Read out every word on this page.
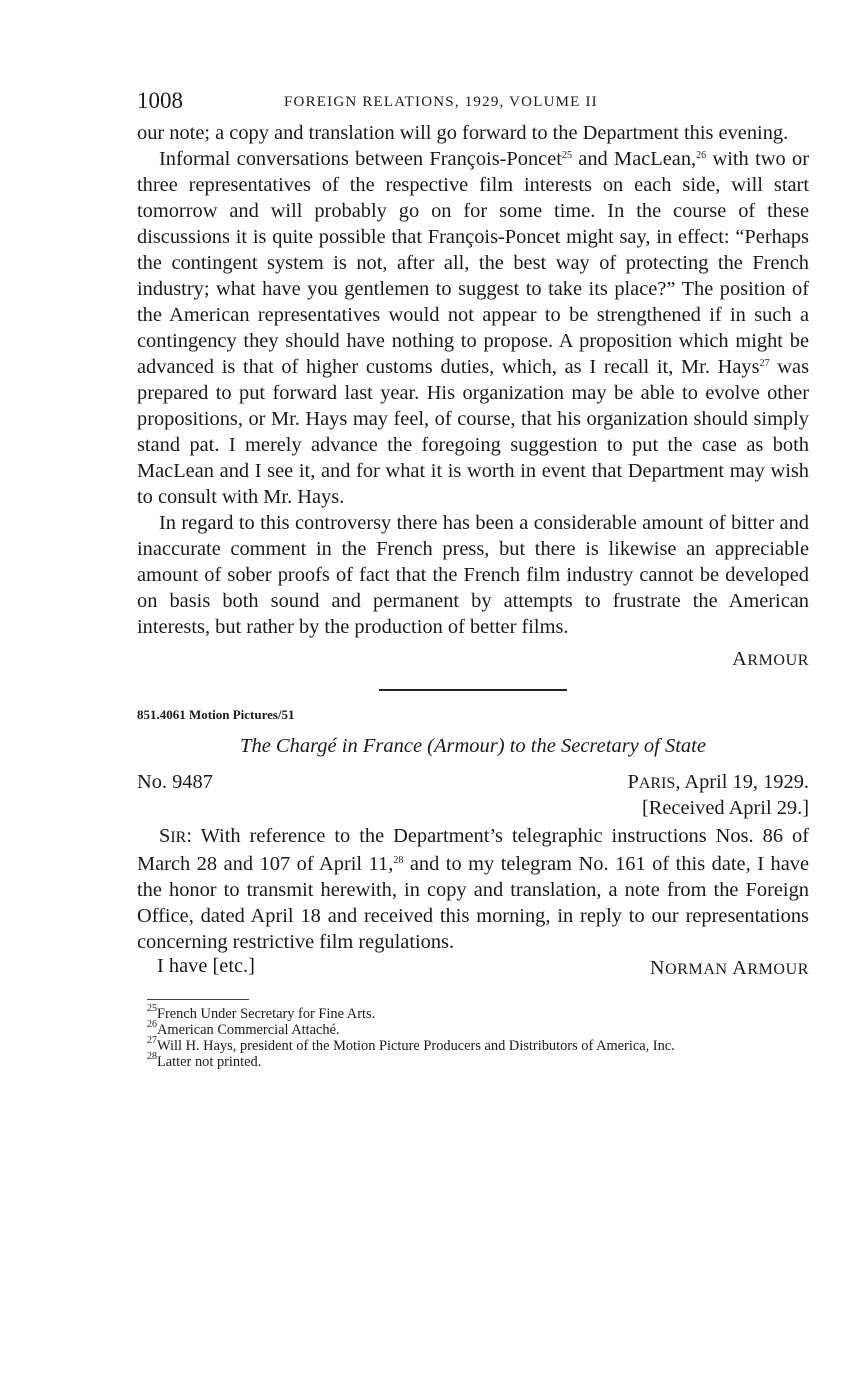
1008	FOREIGN RELATIONS, 1929, VOLUME II

our note; a copy and translation will go forward to the Department this evening.

Informal conversations between François-Poncet$^{25}$ and MacLean,$^{26}$ with two or three representatives of the respective film interests on each side, will start tomorrow and will probably go on for some time. In the course of these discussions it is quite possible that François-Poncet might say, in effect: “Perhaps the contingent system is not, after all, the best way of protecting the French industry; what have you gentlemen to suggest to take its place?” The position of the American representatives would not appear to be strengthened if in such a contingency they should have nothing to propose. A proposition which might be advanced is that of higher customs duties, which, as I recall it, Mr. Hays$^{27}$ was prepared to put forward last year. His organization may be able to evolve other propositions, or Mr. Hays may feel, of course, that his organization should simply stand pat. I merely advance the foregoing suggestion to put the case as both MacLean and I see it, and for what it is worth in event that Department may wish to consult with Mr. Hays.

In regard to this controversy there has been a considerable amount of bitter and inaccurate comment in the French press, but there is likewise an appreciable amount of sober proofs of fact that the French film industry cannot be developed on basis both sound and permanent by attempts to frustrate the American interests, but rather by the production of better films.

ARMOUR
851.4061 Motion Pictures/51
The Chargé in France (Armour) to the Secretary of State
No. 9487	PARIS, April 19, 1929.
[Received April 29.]

SIR: With reference to the Department’s telegraphic instructions Nos. 86 of March 28 and 107 of April 11,28 and to my telegram No. 161 of this date, I have the honor to transmit herewith, in copy and translation, a note from the Foreign Office, dated April 18 and received this morning, in reply to our representations concerning restrictive film regulations.

I have [etc.]	NORMAN ARMOUR

$^{25}$French Under Secretary for Fine Arts.

$^{26}$American Commercial Attaché.

$^{27}$Will H. Hays, president of the Motion Picture Producers and Distributors of America, Inc.

$^{28}$Latter not printed.
